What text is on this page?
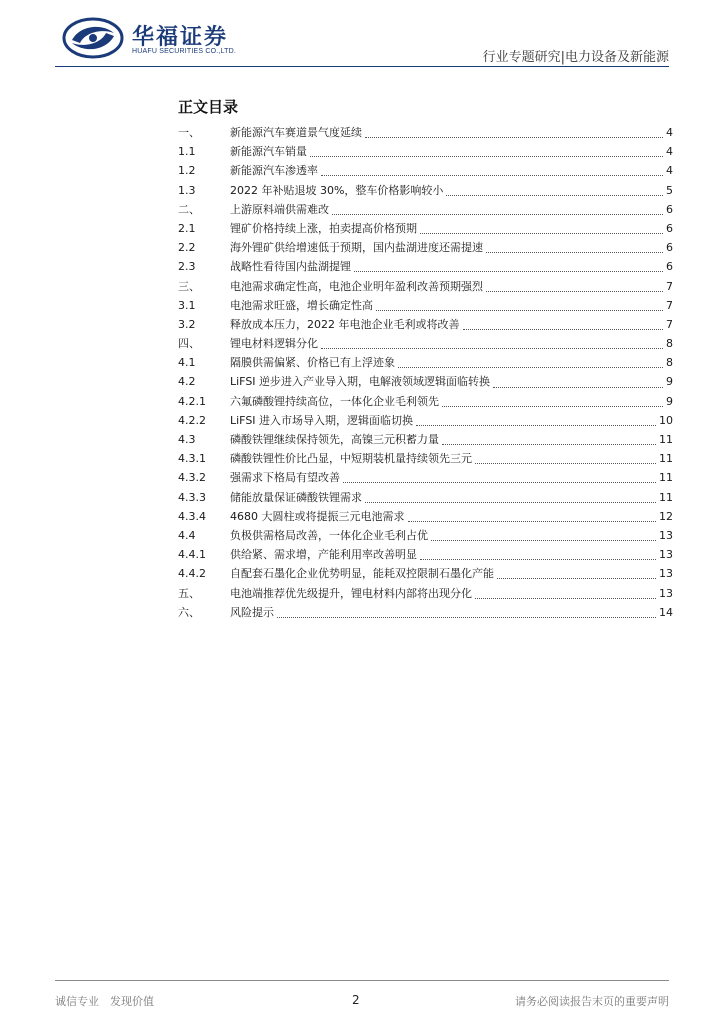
华福证券
HUAFU SECURITIES CO.,LTD.	行业专题研究|电力设备及新能源
正文目录
一、	新能源汽车赛道景气度延续	4
1.1	新能源汽车销量	4
1.2	新能源汽车渗透率	4
1.3	2022 年补贴退坡 30%，整车价格影响较小	5
二、	上游原料端供需难改	6
2.1	锂矿价格持续上涨，拍卖提高价格预期	6
2.2	海外锂矿供给增速低于预期，国内盐湖进度还需提速	6
2.3	战略性看待国内盐湖提锂	6
三、	电池需求确定性高，电池企业明年盈利改善预期强烈	7
3.1	电池需求旺盛，增长确定性高	7
3.2	释放成本压力，2022 年电池企业毛利或将改善	7
四、	锂电材料逻辑分化	8
4.1	隔膜供需偏紧、价格已有上浮迹象	8
4.2	LiFSI 逆步进入产业导入期，电解液领域逻辑面临转换	9
4.2.1	六氟磷酸锂持续高位，一体化企业毛利领先	9
4.2.2	LiFSI 进入市场导入期，逻辑面临切换	10
4.3	磷酸铁锂继续保持领先，高镍三元积蓄力量	11
4.3.1	磷酸铁锂性价比凸显，中短期装机量持续领先三元	11
4.3.2	强需求下格局有望改善	11
4.3.3	储能放量保证磷酸铁锂需求	11
4.3.4	4680 大圆柱或将提振三元电池需求	12
4.4	负极供需格局改善，一体化企业毛利占优	13
4.4.1	供给紧、需求增，产能利用率改善明显	13
4.4.2	自配套石墨化企业优势明显，能耗双控限制石墨化产能	13
五、	电池端推荐优先级提升，锂电材料内部将出现分化	13
六、	风险提示	14
诚信专业　发现价值	2	请务必阅读报告末页的重要声明
